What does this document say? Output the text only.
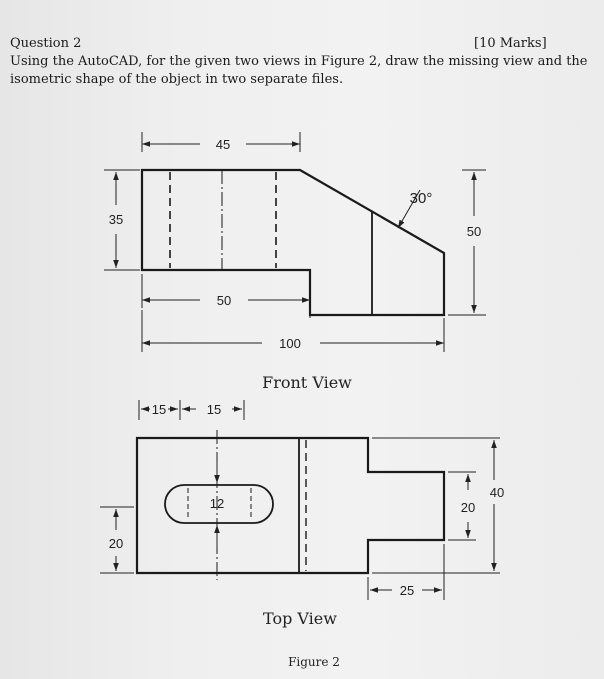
Question 2	[10 Marks]
Using the AutoCAD, for the given two views in Figure 2, draw the missing view and the
isometric shape of the object in two separate files.
45
35
30°
50
50
100
Front View
15	15
12
20
20
40
25
Top View
Figure 2
